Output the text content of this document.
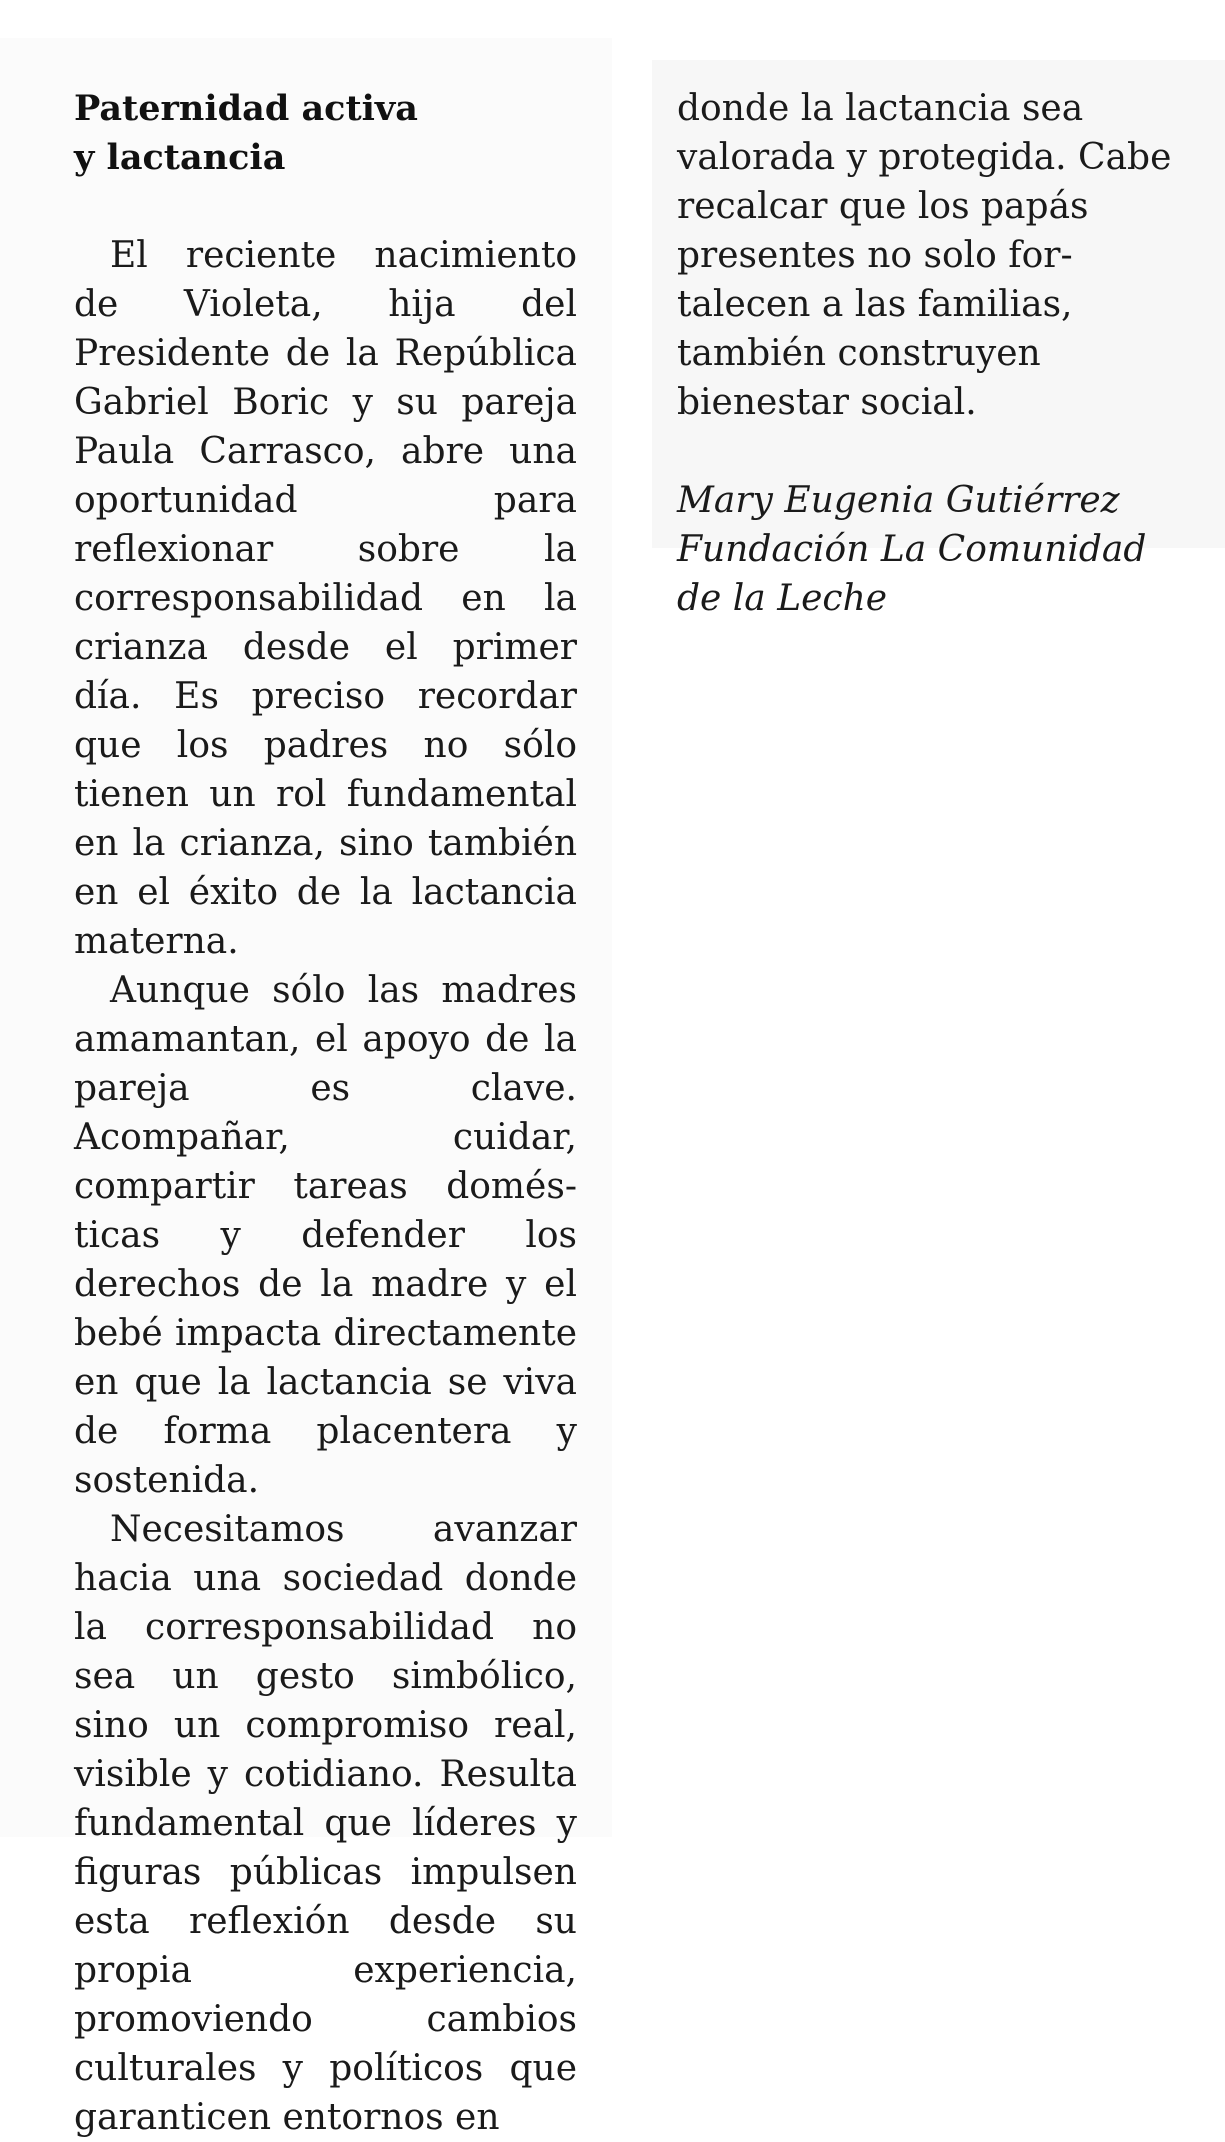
Paternidad activa
y lactancia

El reciente nacimiento de Violeta, hija del Presidente de la República Gabriel Boric y su pareja Paula Carrasco, abre una oportunidad para reflexionar sobre la corresponsabilidad en la crianza desde el primer día. Es preciso recordar que los padres no sólo tienen un rol fundamental en la crianza, sino también en el éxito de la lactancia materna.

Aunque sólo las madres amamantan, el apoyo de la pareja es clave. Acompañar, cuidar, compartir tareas domésticas y defender los derechos de la madre y el bebé impacta directamente en que la lactancia se viva de forma placentera y sostenida.

Necesitamos avanzar hacia una sociedad donde la corresponsabilidad no sea un gesto simbólico, sino un compromiso real, visible y cotidiano. Resulta fundamental que líderes y figuras públicas impulsen esta reflexión desde su propia experiencia, promoviendo cambios culturales y políticos que garanticen entornos en

donde la lactancia sea valorada y protegida. Cabe recalcar que los papás presentes no solo fortalecen a las familias, también construyen bienestar social.

Mary Eugenia Gutiérrez
Fundación La Comunidad
de la Leche
